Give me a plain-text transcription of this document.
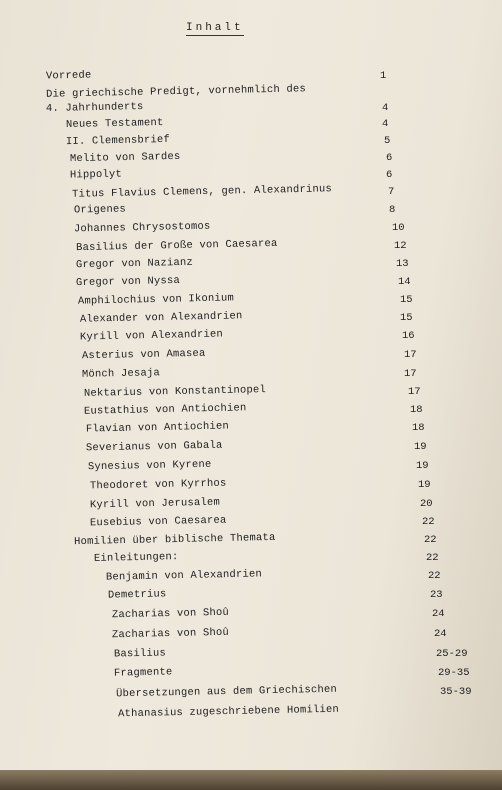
Inhalt
Vorrede	1
Die griechische Predigt, vornehmlich des
4. Jahrhunderts	4
Neues Testament	4
II. Clemensbrief	5
Melito von Sardes	6
Hippolyt	6
Titus Flavius Clemens, gen. Alexandrinus	7
Origenes	8
Johannes Chrysostomos	10
Basilius der Große von Caesarea	12
Gregor von Nazianz	13
Gregor von Nyssa	14
Amphilochius von Ikonium	15
Alexander von Alexandrien	15
Kyrill von Alexandrien	16
Asterius von Amasea	17
Mönch Jesaja	17
Nektarius von Konstantinopel	17
Eustathius von Antiochien	18
Flavian von Antiochien	18
Severianus von Gabala	19
Synesius von Kyrene	19
Theodoret von Kyrrhos	19
Kyrill von Jerusalem	20
Eusebius von Caesarea	22
Homilien über biblische Themata	22
Einleitungen:	22
Benjamin von Alexandrien	22
Demetrius	23
Zacharias von Shoû	24
Zacharias von Shoû	24
Basilius	25-29
Fragmente	29-35
Übersetzungen aus dem Griechischen	35-39
Athanasius zugeschriebene Homilien
